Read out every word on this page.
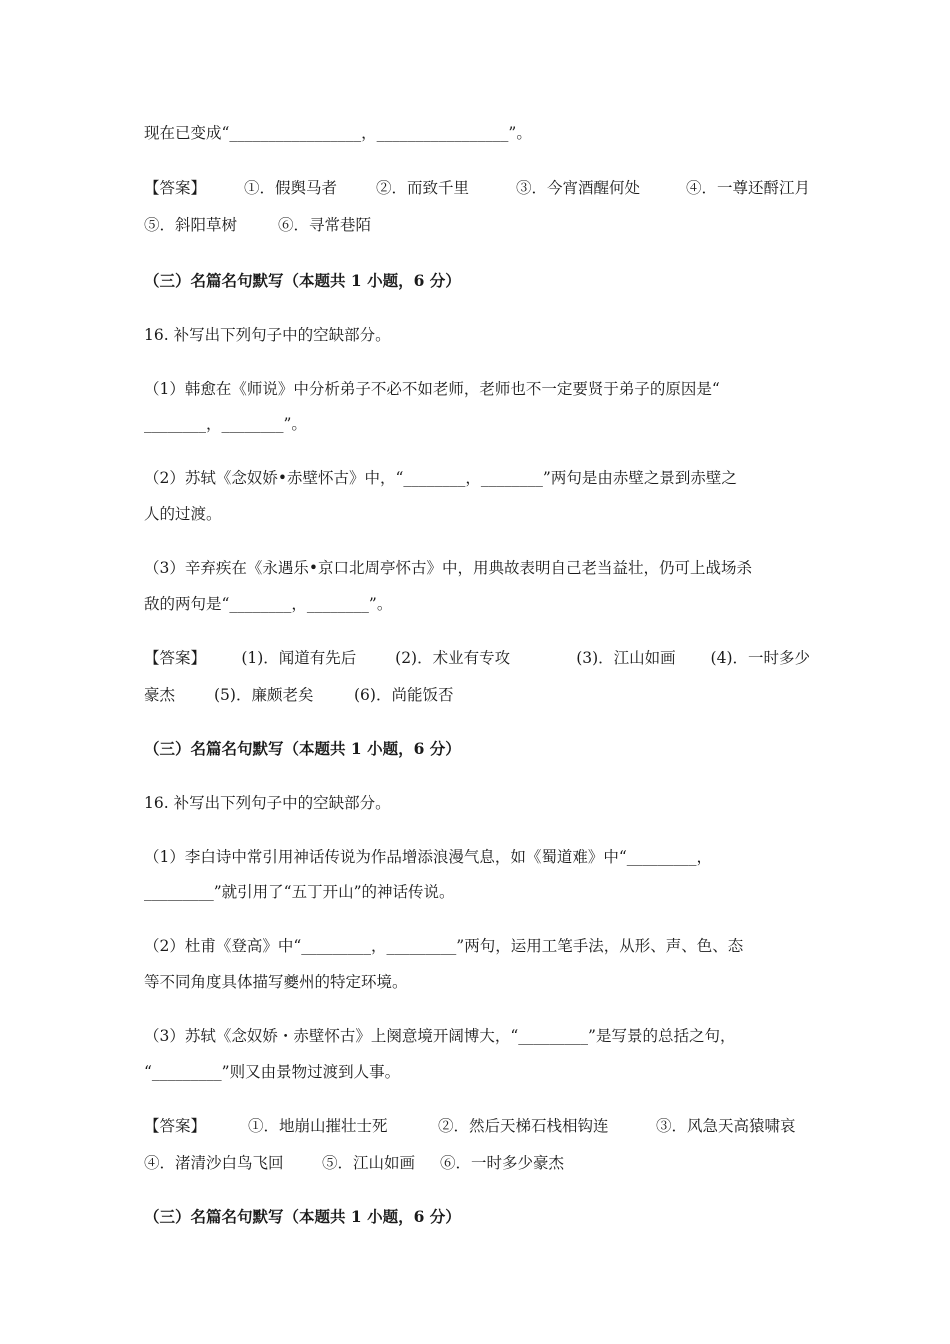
现在已变成“_________________，_________________”。
【答案】	①．假舆马者	②．而致千里	③．今宵酒醒何处	④．一尊还酹江月
⑤．斜阳草树	⑥．寻常巷陌
（三）名篇名句默写（本题共 1 小题，6 分）
16. 补写出下列句子中的空缺部分。
（1）韩愈在《师说》中分析弟子不必不如老师，老师也不一定要贤于弟子的原因是“
________，________”。
（2）苏轼《念奴娇•赤壁怀古》中，“________，________”两句是由赤壁之景到赤壁之
人的过渡。
（3）辛弃疾在《永遇乐•京口北周亭怀古》中，用典故表明自己老当益壮，仍可上战场杀
敌的两句是“________，________”。
【答案】	(1)．闻道有先后	(2)．术业有专攻	(3)．江山如画	(4)．一时多少
豪杰	(5)．廉颇老矣	(6)．尚能饭否
（三）名篇名句默写（本题共 1 小题，6 分）
16. 补写出下列句子中的空缺部分。
（1）李白诗中常引用神话传说为作品增添浪漫气息，如《蜀道难》中“_________，
_________”就引用了“五丁开山”的神话传说。
（2）杜甫《登高》中“_________，_________”两句，运用工笔手法，从形、声、色、态
等不同角度具体描写夔州的特定环境。
（3）苏轼《念奴娇・赤壁怀古》上阕意境开阔博大，“_________”是写景的总括之句，
“_________”则又由景物过渡到人事。
【答案】	①．地崩山摧壮士死	②．然后天梯石栈相钩连	③．风急天高猿啸哀
④．渚清沙白鸟飞回	⑤．江山如画	⑥．一时多少豪杰
（三）名篇名句默写（本题共 1 小题，6 分）
